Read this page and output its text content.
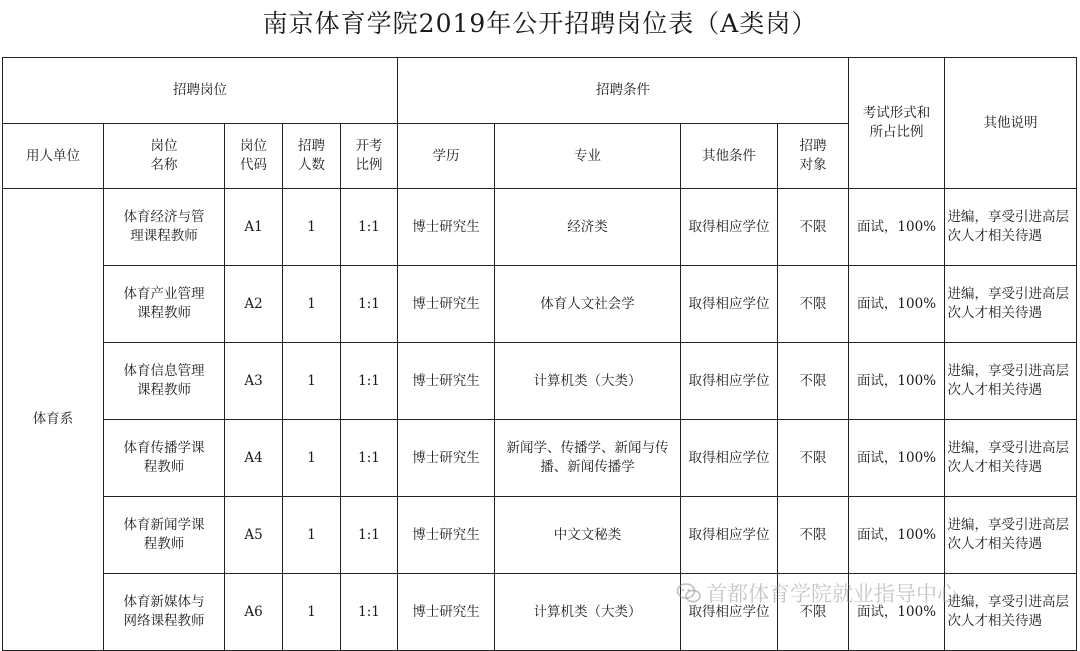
南京体育学院2019年公开招聘岗位表（A类岗）
招聘岗位					招聘条件				考试形式和所占比例	其他说明
用人单位	岗位名称	岗位代码	招聘人数	开考比例	学历	专业	其他条件	招聘对象		

体育系	体育经济与管理课程教师	A1	1	1:1	博士研究生	经济类	取得相应学位	不限	面试，100%	进编，享受引进高层次人才相关待遇

	体育产业管理课程教师	A2	1	1:1	博士研究生	体育人文社会学	取得相应学位	不限	面试，100%	进编，享受引进高层次人才相关待遇

	体育信息管理课程教师	A3	1	1:1	博士研究生	计算机类（大类）	取得相应学位	不限	面试，100%	进编，享受引进高层次人才相关待遇

	体育传播学课程教师	A4	1	1:1	博士研究生	新闻学、传播学、新闻与传播、新闻传播学	取得相应学位	不限	面试，100%	进编，享受引进高层次人才相关待遇

	体育新闻学课程教师	A5	1	1:1	博士研究生	中文文秘类	取得相应学位	不限	面试，100%	进编，享受引进高层次人才相关待遇

	体育新媒体与网络课程教师	A6	1	1:1	博士研究生	计算机类（大类）	取得相应学位	不限	面试，100%	进编，享受引进高层次人才相关待遇
首都体育学院就业指导中心
